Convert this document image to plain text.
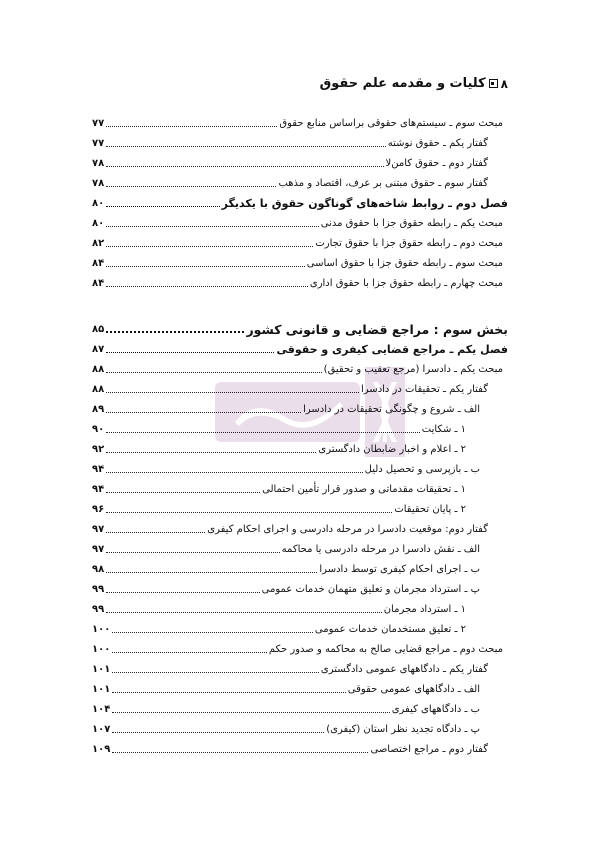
۸
کلیات و مقدمه علم حقوق
مبحث سوم ـ سیستم‌های حقوقی براساس منابع حقوق
۷۷
گفتار یکم ـ حقوق نوشته
۷۷
گفتار دوم ـ حقوق کامن‌لا
۷۸
گفتار سوم ـ حقوق مبتنی بر عرف، اقتصاد و مذهب
۷۸
فصل دوم ـ روابط شاخه‌های گوناگون حقوق با یکدیگر
۸۰
مبحث یکم ـ رابطه حقوق جزا با حقوق مدنی
۸۰
مبحث دوم ـ رابطه حقوق جزا با حقوق تجارت
۸۲
مبحث سوم ـ رابطه حقوق جزا با حقوق اساسی
۸۴
مبحث چهارم ـ رابطه حقوق جزا با حقوق اداری
۸۴
بخش سوم : مراجع قضایی و قانونی کشور
۸۵
فصل یکم ـ مراجع قضایی کیفری و حقوقی
۸۷
مبحث یکم ـ دادسرا (مرجع تعقیب و تحقیق)
۸۸
گفتار یکم ـ تحقیقات در دادسرا
۸۸
الف ـ شروع و چگونگی تحقیقات در دادسرا
۸۹
۱ ـ شکایت
۹۰
۲ ـ اعلام و اخبار ضابطان دادگستری
۹۲
ب ـ بازپرسی و تحصیل دلیل
۹۴
۱ ـ تحقیقات مقدماتی و صدور قرار تأمین احتمالی
۹۴
۲ ـ پایان تحقیقات
۹۶
گفتار دوم: موقعیت دادسرا در مرحله دادرسی و اجرای احکام کیفری
۹۷
الف ـ نقش دادسرا در مرحله دادرسی یا محاکمه
۹۷
ب ـ اجرای احکام کیفری توسط دادسرا
۹۸
پ ـ استرداد مجرمان و تعلیق متهمان خدمات عمومی
۹۹
۱ ـ استرداد مجرمان
۹۹
۲ ـ تعلیق مستخدمان خدمات عمومی
۱۰۰
مبحث دوم ـ مراجع قضایی صالح به محاکمه و صدور حکم
۱۰۰
گفتار یکم ـ دادگاههای عمومی دادگستری
۱۰۱
الف ـ دادگاههای عمومی حقوقی
۱۰۱
ب ـ دادگاههای کیفری
۱۰۴
پ ـ دادگاه تجدید نظر استان (کیفری)
۱۰۷
گفتار دوم ـ مراجع اختصاصی
۱۰۹
